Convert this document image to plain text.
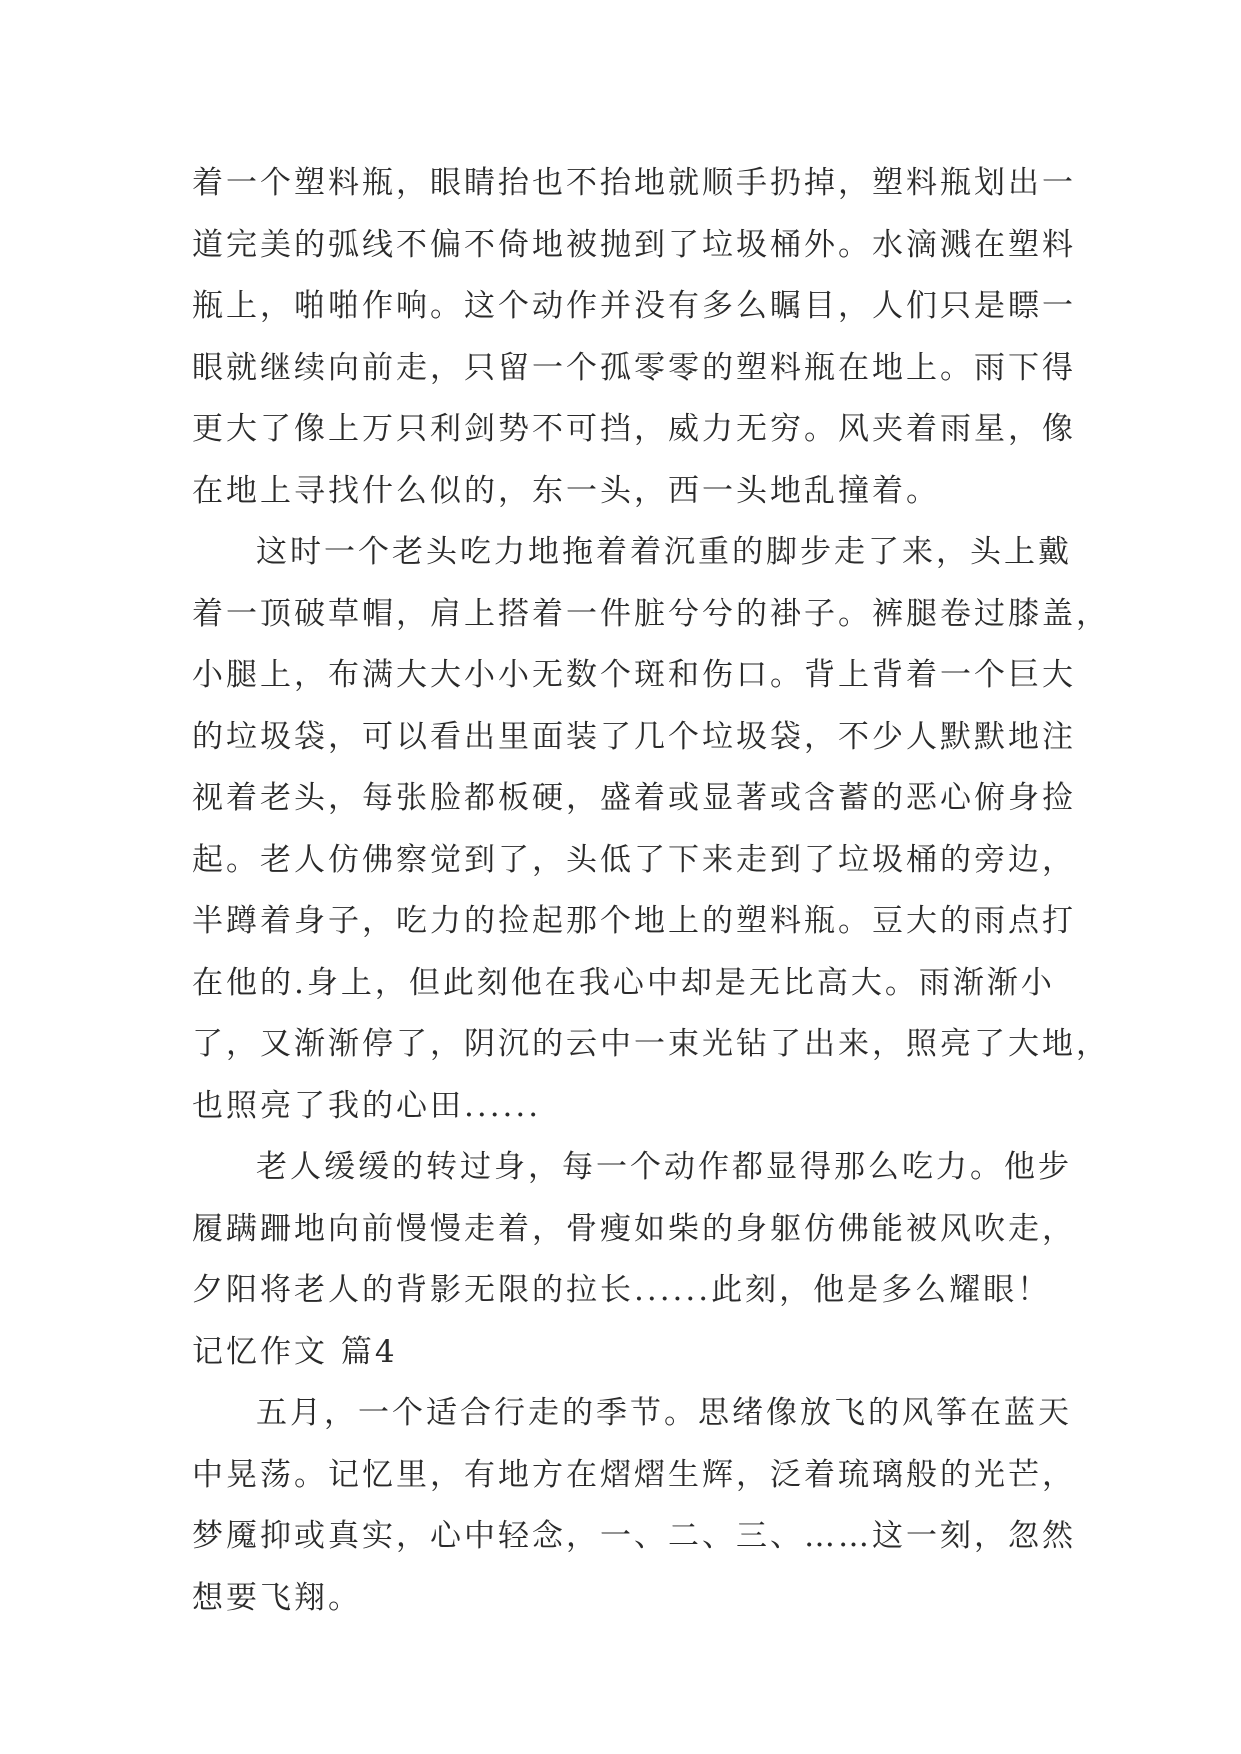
着一个塑料瓶，眼睛抬也不抬地就顺手扔掉，塑料瓶划出一
道完美的弧线不偏不倚地被抛到了垃圾桶外。水滴溅在塑料
瓶上，啪啪作响。这个动作并没有多么瞩目，人们只是瞟一
眼就继续向前走，只留一个孤零零的塑料瓶在地上。雨下得
更大了像上万只利剑势不可挡，威力无穷。风夹着雨星，像
在地上寻找什么似的，东一头，西一头地乱撞着。
这时一个老头吃力地拖着着沉重的脚步走了来，头上戴
着一顶破草帽，肩上搭着一件脏兮兮的褂子。裤腿卷过膝盖，
小腿上，布满大大小小无数个斑和伤口。背上背着一个巨大
的垃圾袋，可以看出里面装了几个垃圾袋，不少人默默地注
视着老头，每张脸都板硬，盛着或显著或含蓄的恶心俯身捡
起。老人仿佛察觉到了，头低了下来走到了垃圾桶的旁边，
半蹲着身子，吃力的捡起那个地上的塑料瓶。豆大的雨点打
在他的.身上，但此刻他在我心中却是无比高大。雨渐渐小
了，又渐渐停了，阴沉的云中一束光钻了出来，照亮了大地，
也照亮了我的心田......
老人缓缓的转过身，每一个动作都显得那么吃力。他步
履蹒跚地向前慢慢走着，骨瘦如柴的身躯仿佛能被风吹走，
夕阳将老人的背影无限的拉长......此刻，他是多么耀眼！
记忆作文 篇4
五月，一个适合行走的季节。思绪像放飞的风筝在蓝天
中晃荡。记忆里，有地方在熠熠生辉，泛着琉璃般的光芒，
梦魇抑或真实，心中轻念，一、二、三、……这一刻，忽然
想要飞翔。
